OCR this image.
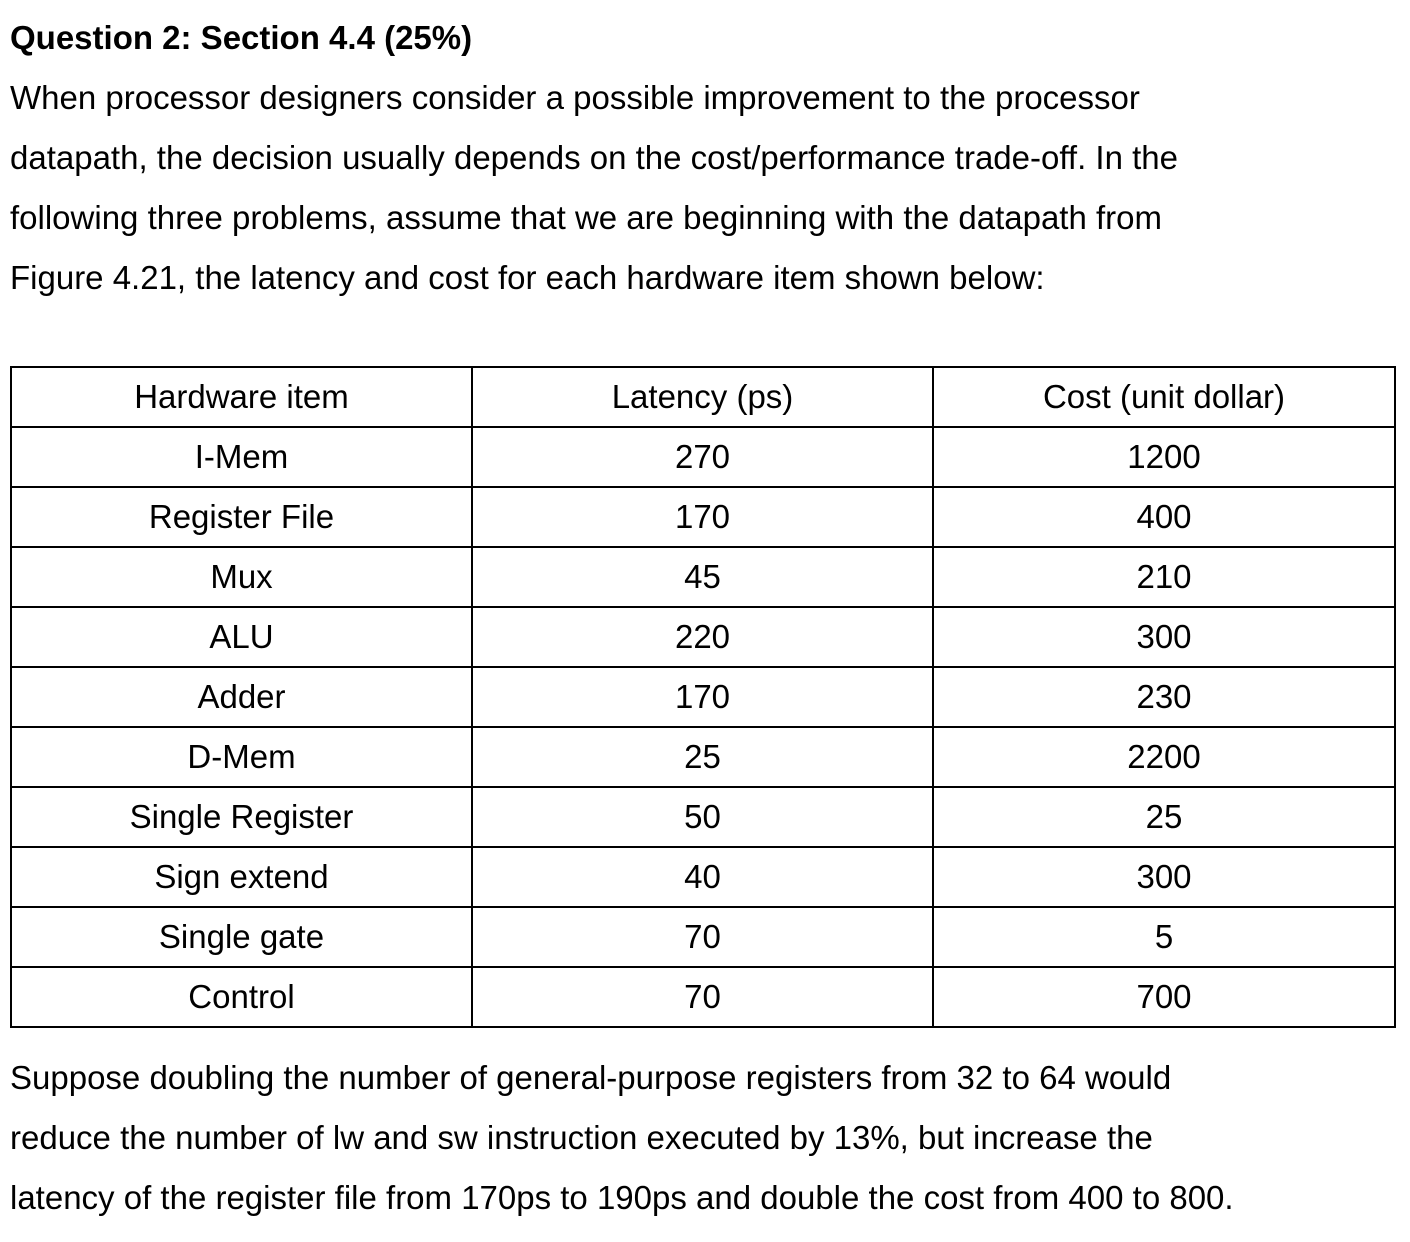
Question 2: Section 4.4 (25%)
When processor designers consider a possible improvement to the processor
datapath, the decision usually depends on the cost/performance trade-off. In the
following three problems, assume that we are beginning with the datapath from
Figure 4.21, the latency and cost for each hardware item shown below:
Hardware item	Latency (ps)	Cost (unit dollar)
I-Mem	270	1200
Register File	170	400
Mux	45	210
ALU	220	300
Adder	170	230
D-Mem	25	2200
Single Register	50	25
Sign extend	40	300
Single gate	70	5
Control	70	700
Suppose doubling the number of general-purpose registers from 32 to 64 would
reduce the number of lw and sw instruction executed by 13%, but increase the
latency of the register file from 170ps to 190ps and double the cost from 400 to 800.
